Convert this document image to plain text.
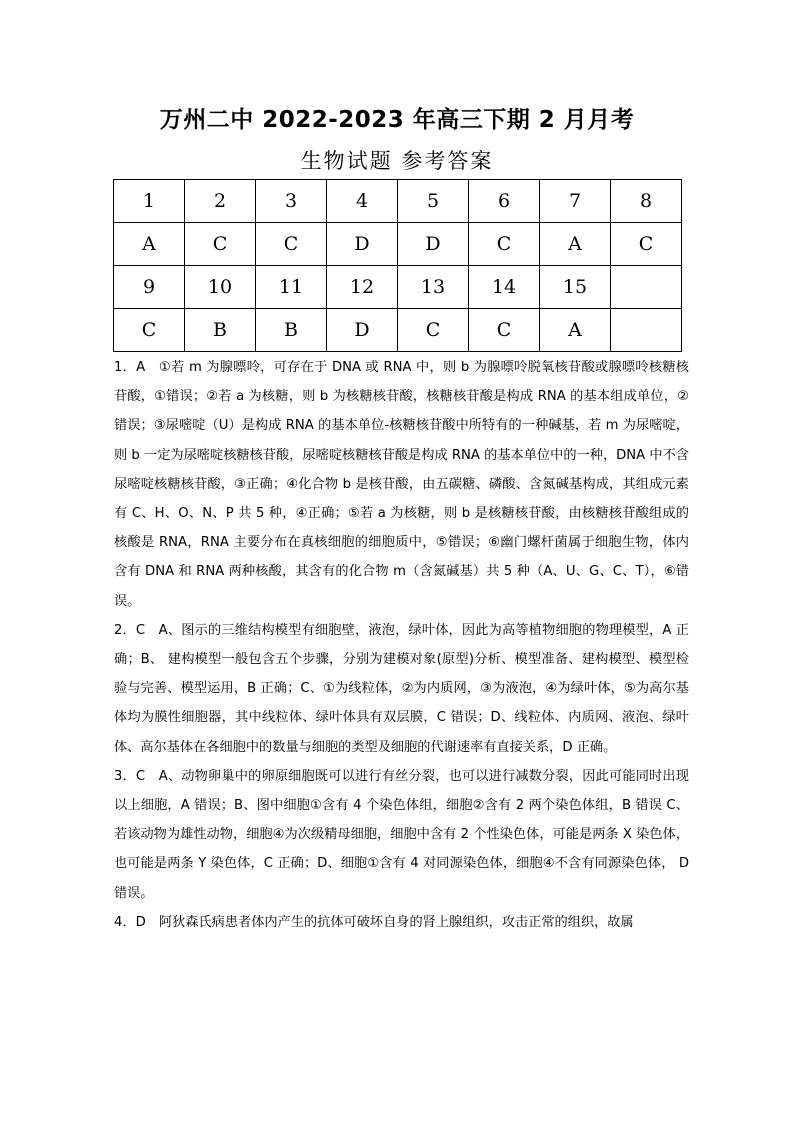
万州二中 2022-2023 年高三下期 2 月月考
生物试题 参考答案
1	2	3	4	5	6	7	8
A	C	C	D	D	C	A	C
9	10	11	12	13	14	15	
C	B	B	D	C	C	A	

1．A　①若 m 为腺嘌呤，可存在于 DNA 或 RNA 中，则 b 为腺嘌呤脱氧核苷酸或腺嘌呤核糖核苷酸，①错误；②若 a 为核糖，则 b 为核糖核苷酸，核糖核苷酸是构成 RNA 的基本组成单位，②错误；③尿嘧啶（U）是构成 RNA 的基本单位-核糖核苷酸中所特有的一种碱基，若 m 为尿嘧啶，则 b 一定为尿嘧啶核糖核苷酸，尿嘧啶核糖核苷酸是构成 RNA 的基本单位中的一种，DNA 中不含尿嘧啶核糖核苷酸，③正确；④化合物 b 是核苷酸，由五碳糖、磷酸、含氮碱基构成，其组成元素有 C、H、O、N、P 共 5 种，④正确；⑤若 a 为核糖，则 b 是核糖核苷酸，由核糖核苷酸组成的核酸是 RNA，RNA 主要分布在真核细胞的细胞质中，⑤错误；⑥幽门螺杆菌属于细胞生物，体内含有 DNA 和 RNA 两种核酸，其含有的化合物 m（含氮碱基）共 5 种（A、U、G、C、T），⑥错误。

2．C　A、图示的三维结构模型有细胞壁，液泡，绿叶体，因此为高等植物细胞的物理模型，A 正确；B、 建构模型一般包含五个步骤，分别为建模对象(原型)分析、模型准备、建构模型、模型检验与完善、模型运用，B 正确；C、①为线粒体，②为内质网，③为液泡，④为绿叶体，⑤为高尔基体均为膜性细胞器，其中线粒体、绿叶体具有双层膜，C 错误；D、线粒体、内质网、液泡、绿叶体、高尔基体在各细胞中的数量与细胞的类型及细胞的代谢速率有直接关系，D 正确。

3．C　A、动物卵巢中的卵原细胞既可以进行有丝分裂，也可以进行减数分裂，因此可能同时出现以上细胞，A 错误；B、图中细胞①含有 4 个染色体组，细胞②含有 2 两个染色体组，B 错误 C、若该动物为雄性动物，细胞④为次级精母细胞，细胞中含有 2 个性染色体，可能是两条 X 染色体，也可能是两条 Y 染色体，C 正确；D、细胞①含有 4 对同源染色体，细胞④不含有同源染色体， D 错误。

4．D　阿狄森氏病患者体内产生的抗体可破坏自身的肾上腺组织，攻击正常的组织，故属
